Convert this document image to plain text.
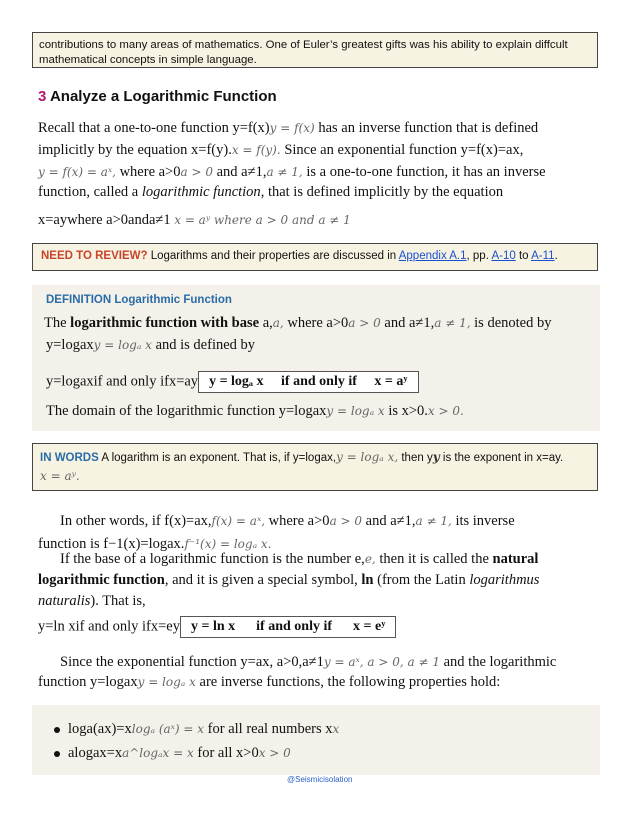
contributions to many areas of mathematics. One of Euler’s greatest gifts was his ability to explain diffcult
mathematical concepts in simple language.
3 Analyze a Logarithmic Function
Recall that a one-to-one function y=f(x)y = f(x) has an inverse function that is defined
implicitly by the equation x=f(y).x = f(y). Since an exponential function y=f(x)=ax,
y = f(x) = aˣ, where a>0a > 0 and a≠1,a ≠ 1, is a one-to-one function, it has an inverse
function, called a logarithmic function, that is defined implicitly by the equation
x=aywhere a>0anda≠1 x = aʸ where a > 0 and a ≠ 1
NEED TO REVIEW? Logarithms and their properties are discussed in Appendix A.1, pp. A-10 to A-11.
DEFINITION Logarithmic Function
The logarithmic function with base a,a, where a>0a > 0 and a≠1,a ≠ 1, is denoted by
y=logaxy = logₐ x and is defined by
y=logaxif and only ifx=ay y = logₐ x if and only if x = aʸ
The domain of the logarithmic function y=logaxy = logₐ x is x>0.x > 0.
IN WORDS A logarithm is an exponent. That is, if y=logax,y = logₐ x, then yy is the exponent in x=ay.
x = aʸ.
In other words, if f(x)=ax,f(x) = aˣ, where a>0a > 0 and a≠1,a ≠ 1, its inverse
function is f−1(x)=logax.f⁻¹(x) = logₐ x.
If the base of a logarithmic function is the number e,e, then it is called the natural
logarithmic function, and it is given a special symbol, ln (from the Latin logarithmus
naturalis). That is,
y=ln xif and only ifx=ey y = ln x if and only if x = eʸ
Since the exponential function y=ax, a>0,a≠1y = aˣ, a > 0, a ≠ 1 and the logarithmic
function y=logaxy = logₐ x are inverse functions, the following properties hold:
loga(ax)=xlogₐ (aˣ) = x for all real numbers xx
alogax=xa^logₐx = x for all x>0x > 0
@Seismicisolation
